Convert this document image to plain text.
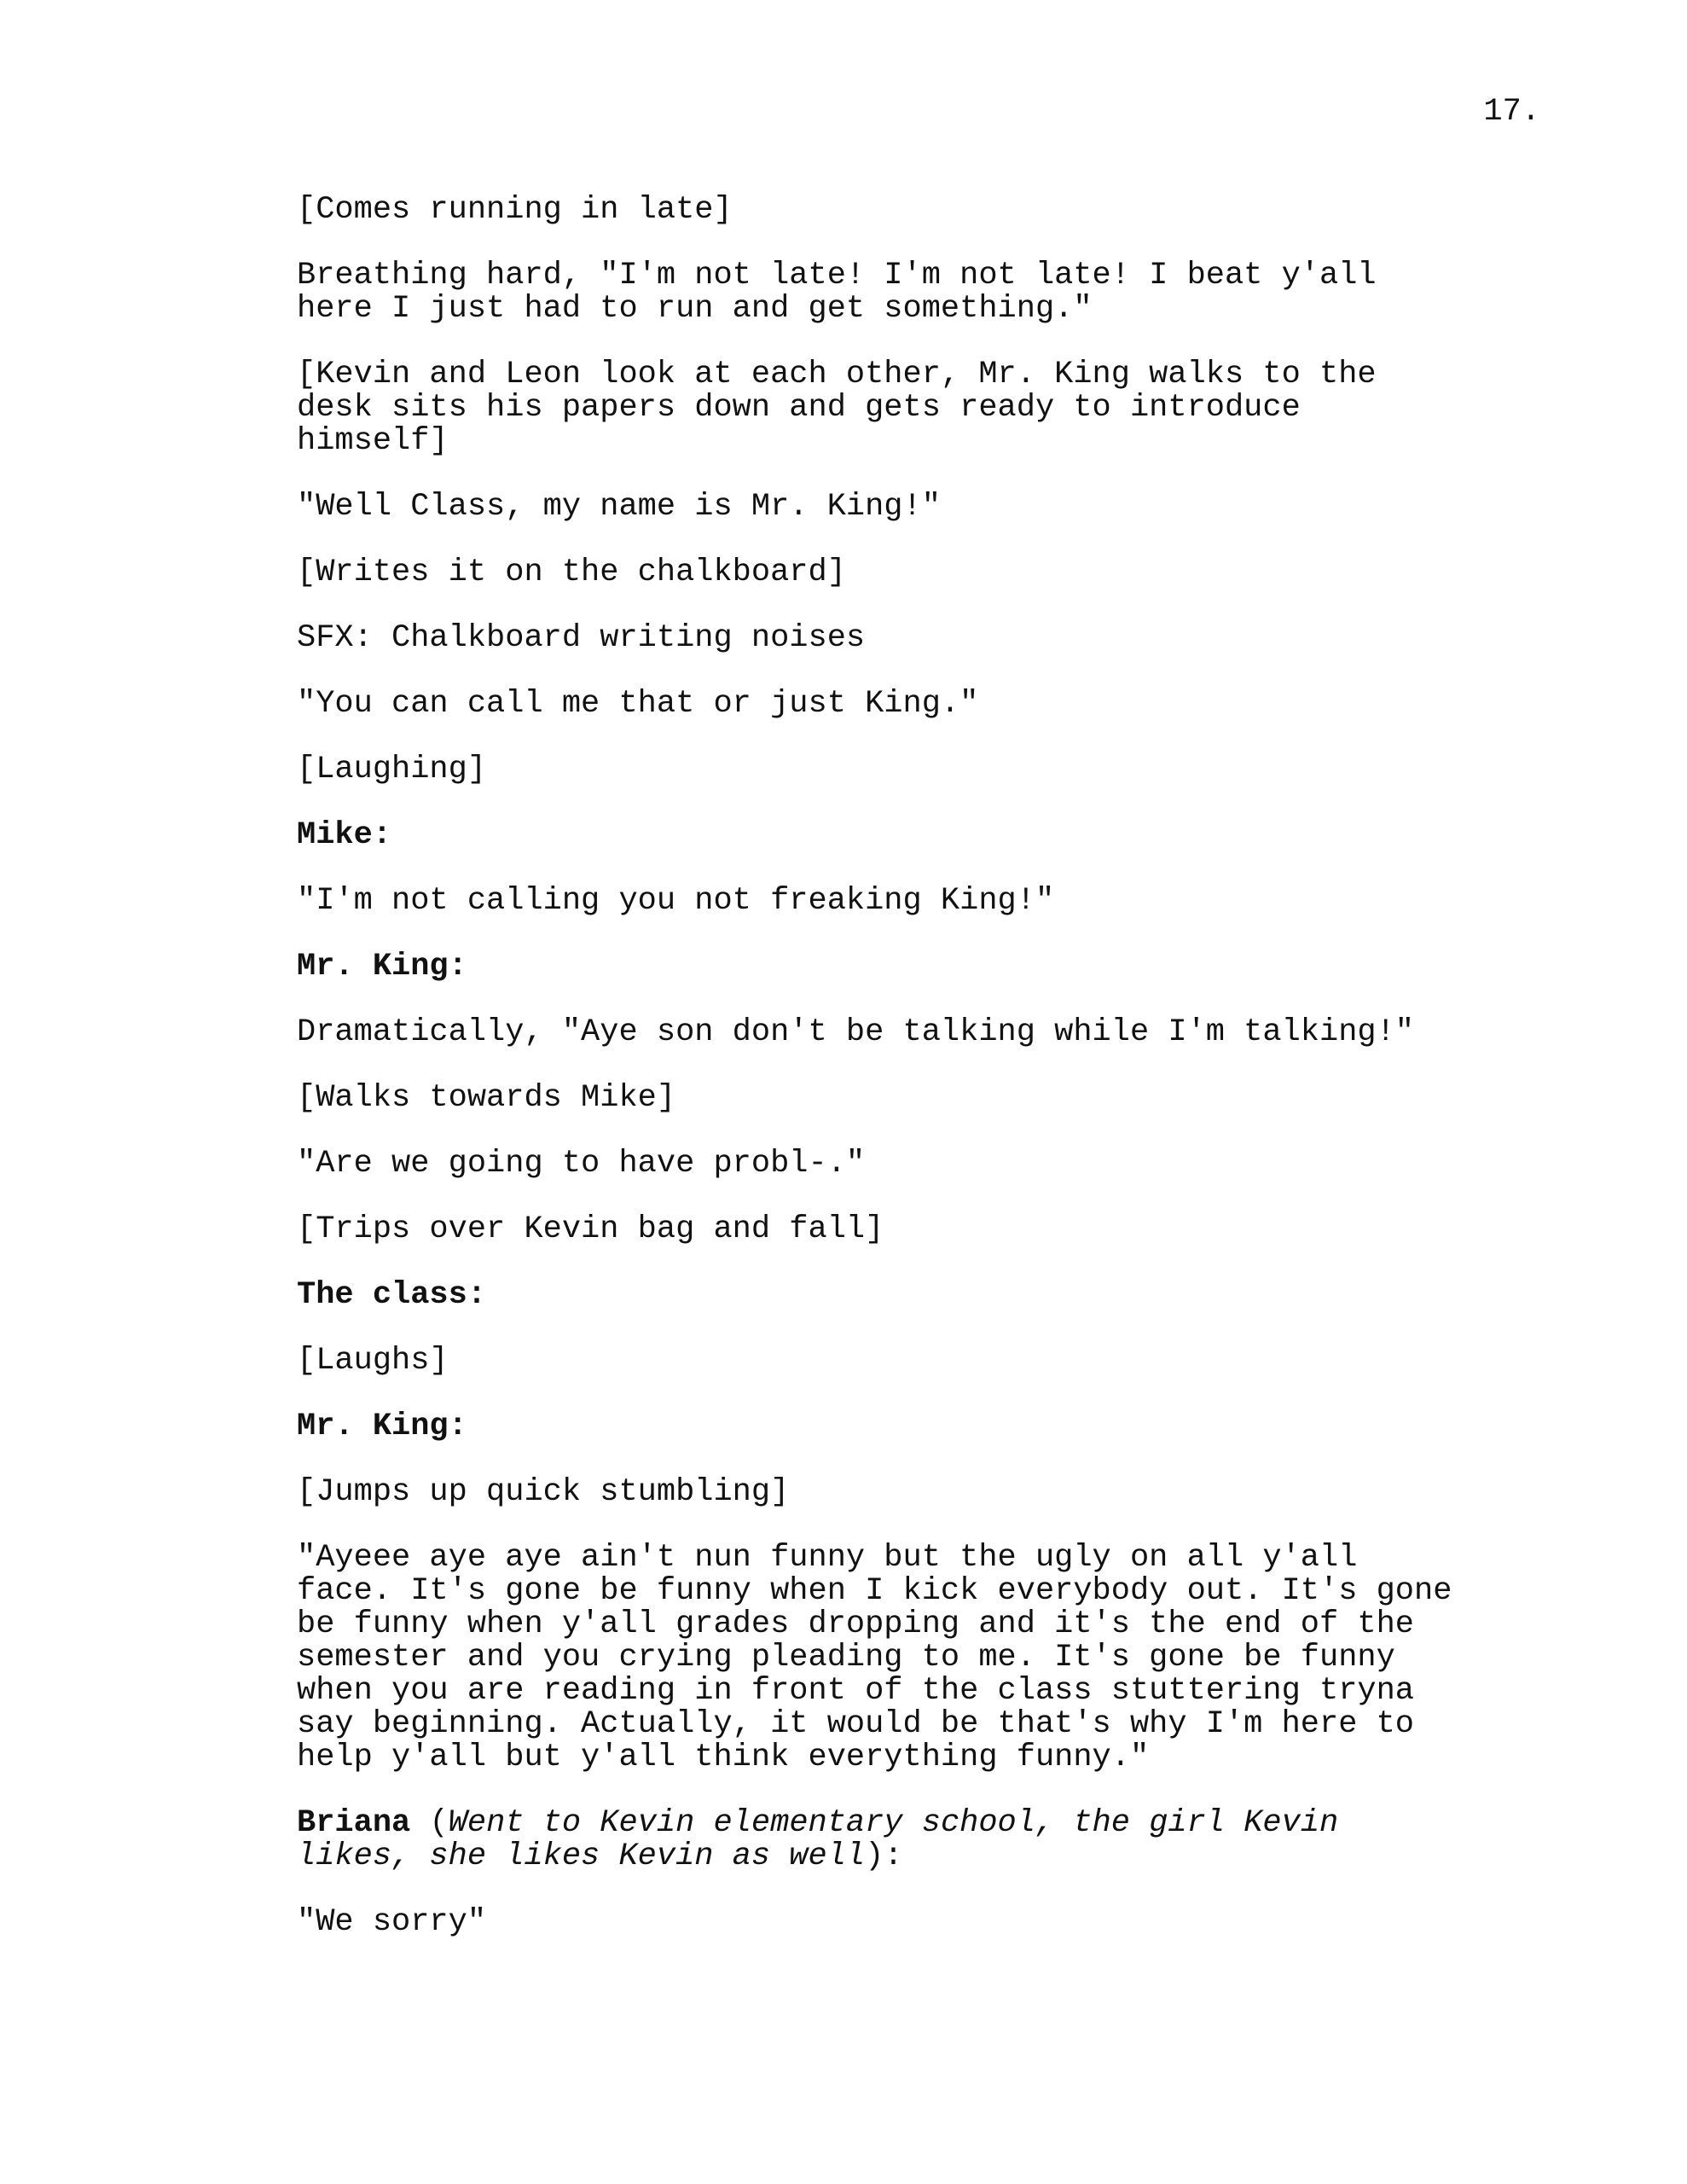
17.

[Comes running in late]

Breathing hard, "I'm not late! I'm not late! I beat y'all
here I just had to run and get something."

[Kevin and Leon look at each other, Mr. King walks to the
desk sits his papers down and gets ready to introduce
himself]

"Well Class, my name is Mr. King!"

[Writes it on the chalkboard]

SFX: Chalkboard writing noises

"You can call me that or just King."

[Laughing]

Mike:

"I'm not calling you not freaking King!"

Mr. King:

Dramatically, "Aye son don't be talking while I'm talking!"

[Walks towards Mike]

"Are we going to have probl-."

[Trips over Kevin bag and fall]

The class:

[Laughs]

Mr. King:

[Jumps up quick stumbling]

"Ayeee aye aye ain't nun funny but the ugly on all y'all
face. It's gone be funny when I kick everybody out. It's gone
be funny when y'all grades dropping and it's the end of the
semester and you crying pleading to me. It's gone be funny
when you are reading in front of the class stuttering tryna
say beginning. Actually, it would be that's why I'm here to
help y'all but y'all think everything funny."

Briana (Went to Kevin elementary school, the girl Kevin
likes, she likes Kevin as well):

"We sorry"
